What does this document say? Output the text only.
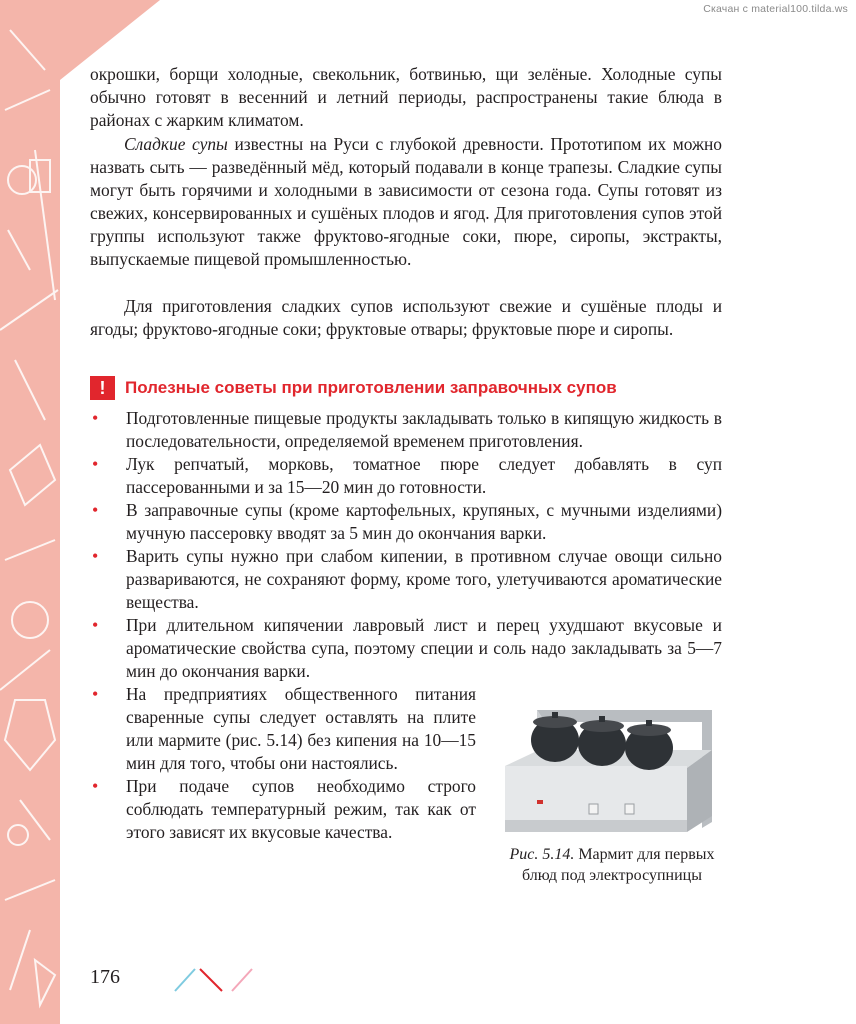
Скачан с material100.tilda.ws

окрошки, борщи холодные, свекольник, ботвинью, щи зелёные. Холодные супы обычно готовят в весенний и летний периоды, распространены такие блюда в районах с жарким климатом.

Сладкие супы известны на Руси с глубокой древности. Прототипом их можно назвать сыть — разведённый мёд, который подавали в конце трапезы. Сладкие супы могут быть горячими и холодными в зависимости от сезона года. Супы готовят из свежих, консервированных и сушёных плодов и ягод. Для приготовления супов этой группы используют также фруктово-ягодные соки, пюре, сиропы, экстракты, выпускаемые пищевой промышленностью.

Для приготовления сладких супов используют свежие и сушёные плоды и ягоды; фруктово-ягодные соки; фруктовые отвары; фруктовые пюре и сиропы.

!	Полезные советы при приготовлении заправочных супов
• Подготовленные пищевые продукты закладывать только в кипящую жидкость в последовательности, определяемой временем приготовления.
• Лук репчатый, морковь, томатное пюре следует добавлять в суп пассерованными и за 15—20 мин до готовности.
• В заправочные супы (кроме картофельных, крупяных, с мучными изделиями) мучную пассеровку вводят за 5 мин до окончания варки.
• Варить супы нужно при слабом кипении, в противном случае овощи сильно развариваются, не сохраняют форму, кроме того, улетучиваются ароматические вещества.
• При длительном кипячении лавровый лист и перец ухудшают вкусовые и ароматические свойства супа, поэтому специи и соль надо закладывать за 5—7 мин до окончания варки.
• На предприятиях общественного питания сваренные супы следует оставлять на плите или мармите (рис. 5.14) без кипения на 10—15 мин для того, чтобы они настоялись.
• При подаче супов необходимо строго соблюдать температурный режим, так как от этого зависят их вкусовые качества.
Рис. 5.14. Мармит для первых блюд под электросупницы
176
